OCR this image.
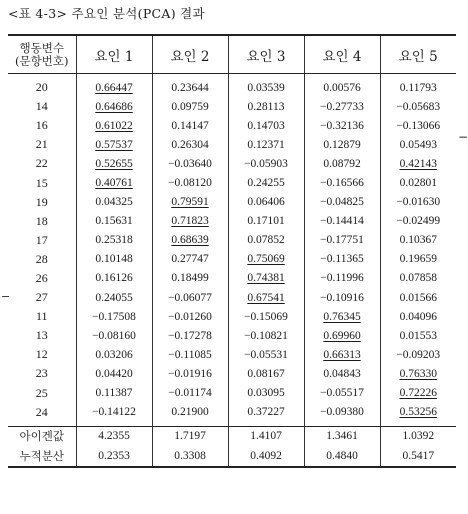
<표 4-3> 주요인 분석(PCA) 결과
−
−
행동변수
(문항번호)	요인 1	요인 2	요인 3	요인 4	요인 5
20	0.66447	0.23644	0.03539	0.00576	0.11793
14	0.64686	0.09759	0.28113	−0.27733	−0.05683
16	0.61022	0.14147	0.14703	−0.32136	−0.13066
21	0.57537	0.26304	0.12371	0.12879	0.05493
22	0.52655	−0.03640	−0.05903	0.08792	0.42143
15	0.40761	−0.08120	0.24255	−0.16566	0.02801
19	0.04325	0.79591	0.06406	−0.04825	−0.01630
18	0.15631	0.71823	0.17101	−0.14414	−0.02499
17	0.25318	0.68639	0.07852	−0.17751	0.10367
28	0.10148	0.27747	0.75069	−0.11365	0.19659
26	0.16126	0.18499	0.74381	−0.11996	0.07858
27	0.24055	−0.06077	0.67541	−0.10916	0.01566
11	−0.17508	−0.01260	−0.15069	0.76345	0.04096
13	−0.08160	−0.17278	−0.10821	0.69960	0.01553
12	0.03206	−0.11085	−0.05531	0.66313	−0.09203
23	0.04420	−0.01916	0.08167	0.04843	0.76330
25	0.11387	−0.01174	0.03095	−0.05517	0.72226
24	−0.14122	0.21900	0.37227	−0.09380	0.53256
아이겐값	4.2355	1.7197	1.4107	1.3461	1.0392
누적분산	0.2353	0.3308	0.4092	0.4840	0.5417
